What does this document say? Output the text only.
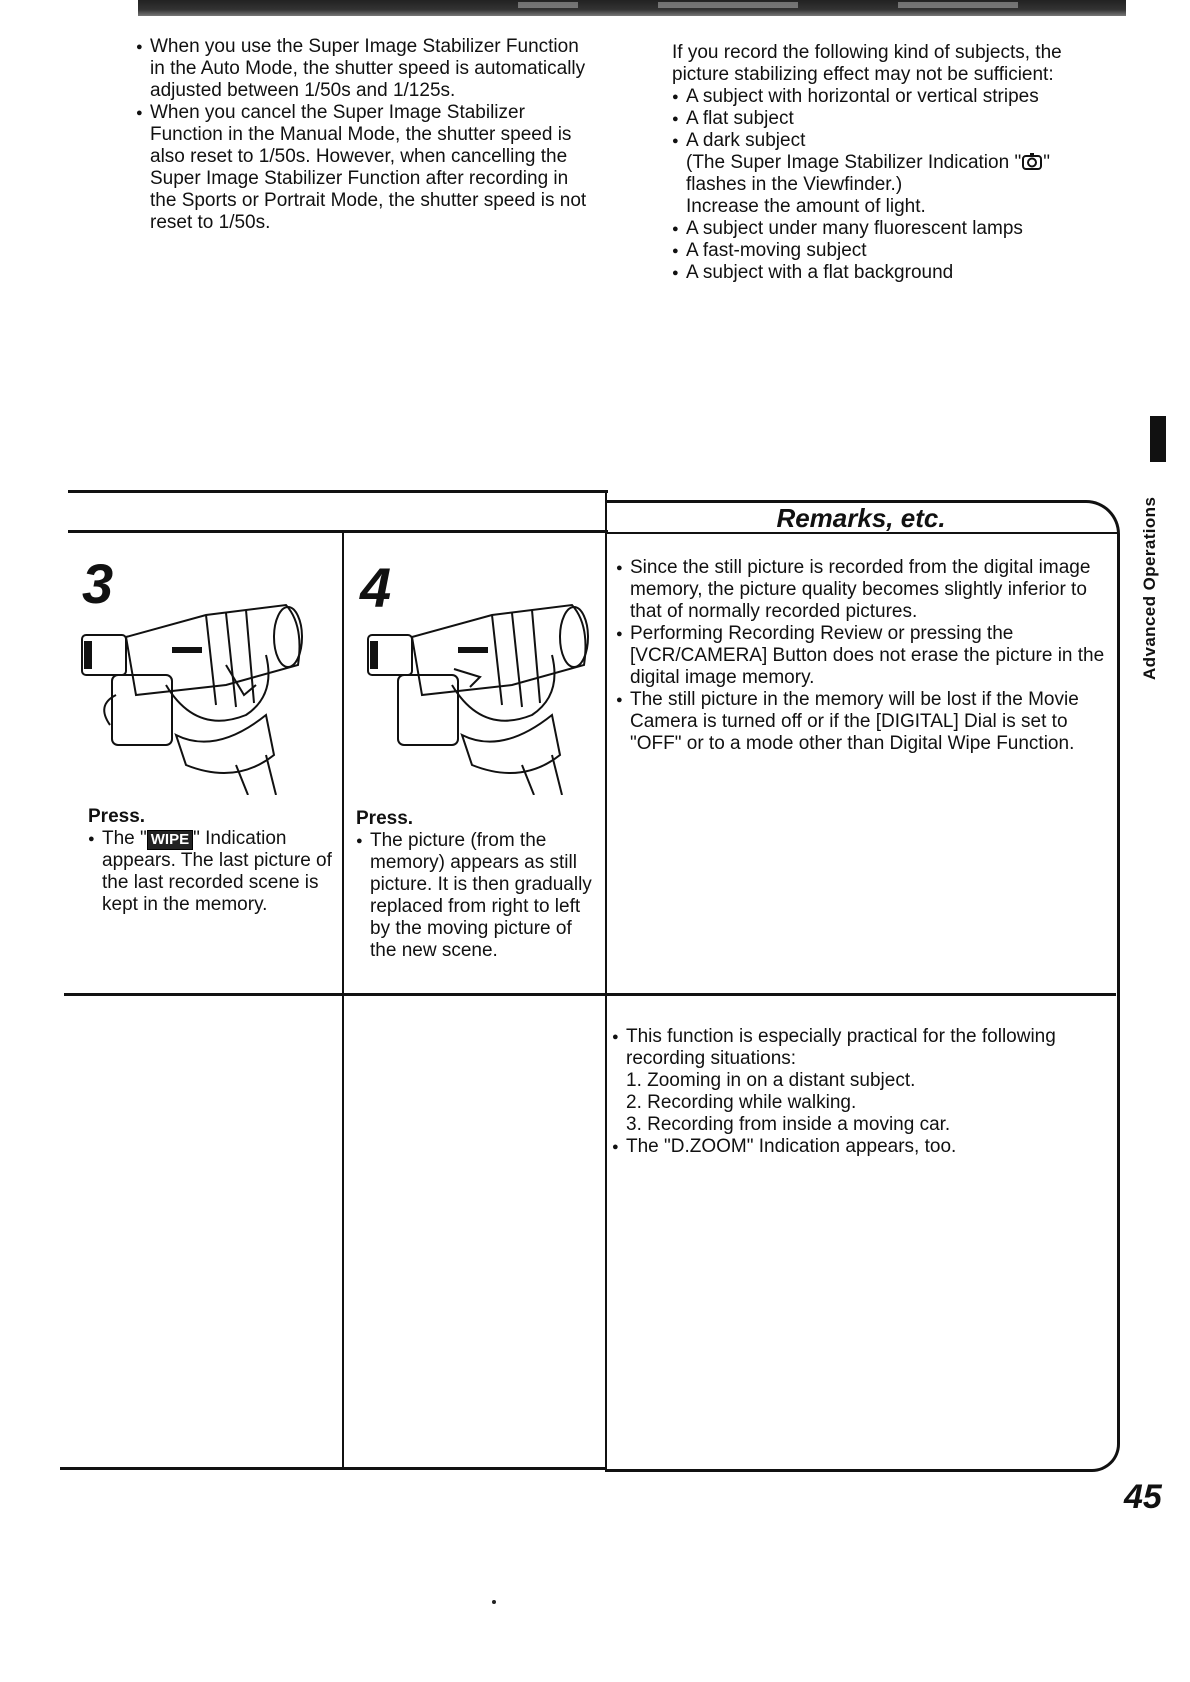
● When you use the Super Image Stabilizer Function in the Auto Mode, the shutter speed is automatically adjusted between 1/50s and 1/125s.
● When you cancel the Super Image Stabilizer Function in the Manual Mode, the shutter speed is also reset to 1/50s. However, when cancelling the Super Image Stabilizer Function after recording in the Sports or Portrait Mode, the shutter speed is not reset to 1/50s.
If you record the following kind of subjects, the picture stabilizing effect may not be sufficient:
● A subject with horizontal or vertical stripes
● A flat subject
● A dark subject
(The Super Image Stabilizer Indication " " flashes in the Viewfinder.)
Increase the amount of light.
● A subject under many fluorescent lamps
● A fast-moving subject
● A subject with a flat background
Advanced Operations
Remarks, etc.
3
Press.
● The " WIPE " Indication appears. The last picture of the last recorded scene is kept in the memory.
4
Press.
● The picture (from the memory) appears as still picture. It is then gradually replaced from right to left by the moving picture of the new scene.
● Since the still picture is recorded from the digital image memory, the picture quality becomes slightly inferior to that of normally recorded pictures.
● Performing Recording Review or pressing the [VCR/CAMERA] Button does not erase the picture in the digital image memory.
● The still picture in the memory will be lost if the Movie Camera is turned off or if the [DIGITAL] Dial is set to "OFF" or to a mode other than Digital Wipe Function.
● This function is especially practical for the following recording situations:
1. Zooming in on a distant subject.
2. Recording while walking.
3. Recording from inside a moving car.
● The "D.ZOOM" Indication appears, too.
45
